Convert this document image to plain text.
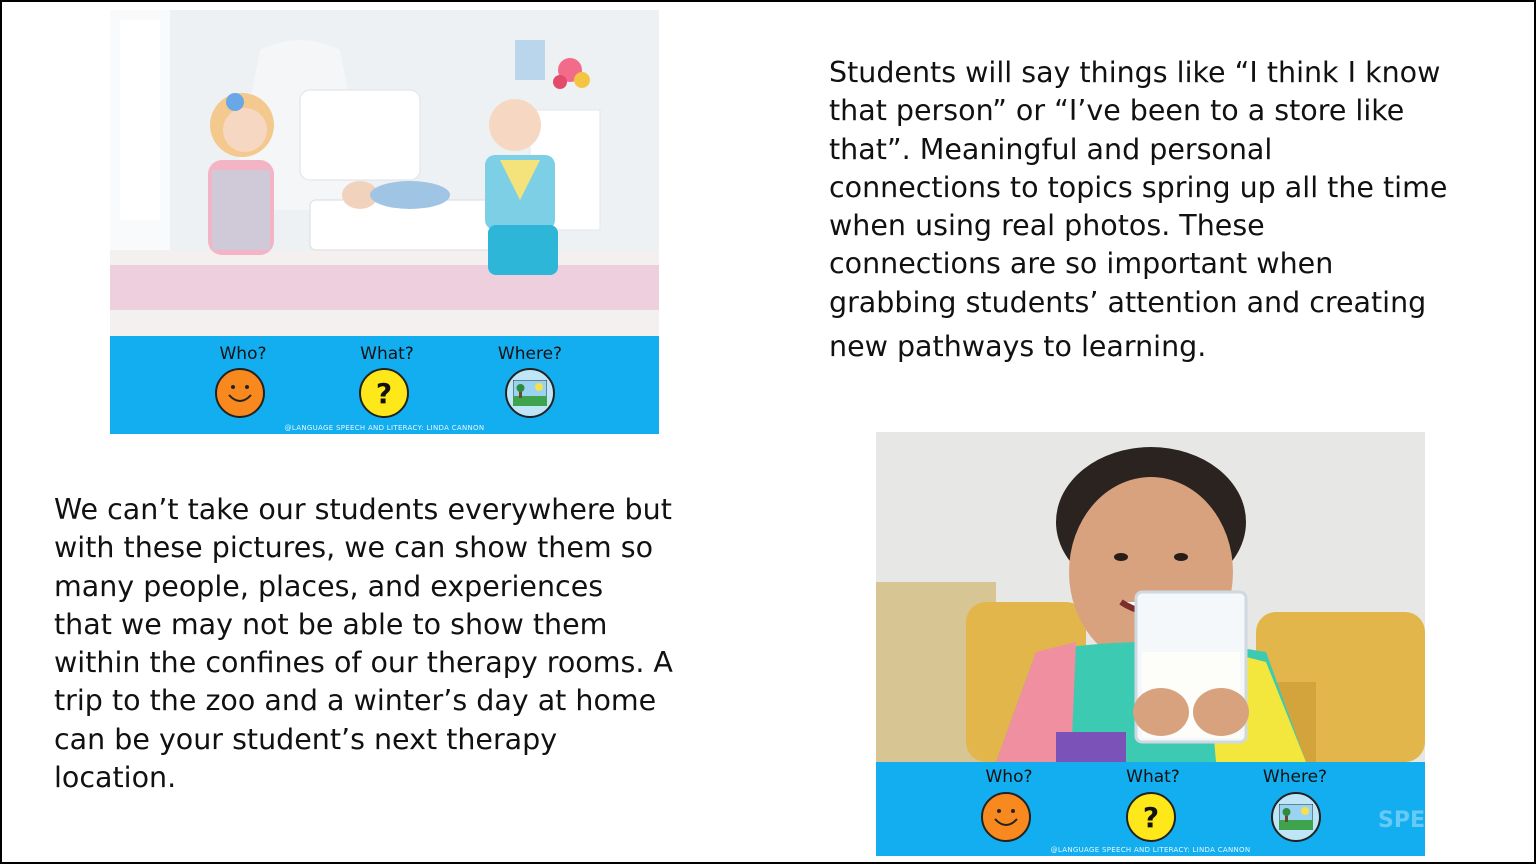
Who?	What?	Where?
?
@LANGUAGE SPEECH AND LITERACY: LINDA CANNON
Students will say things like “I think I know
that person” or “I’ve been to a store like
that”. Meaningful and personal
connections to topics spring up all the time
when using real photos. These
connections are so important when
grabbing students’ attention and creating
new pathways to learning.
We can’t take our students everywhere but
with these pictures, we can show them so
many people, places, and experiences
that we may not be able to show them
within the confines of our therapy rooms. A
trip to the zoo and a winter’s day at home
can be your student’s next therapy
location.	Who?	What?	Where?
?	SPE
@LANGUAGE SPEECH AND LITERACY: LINDA CANNON
